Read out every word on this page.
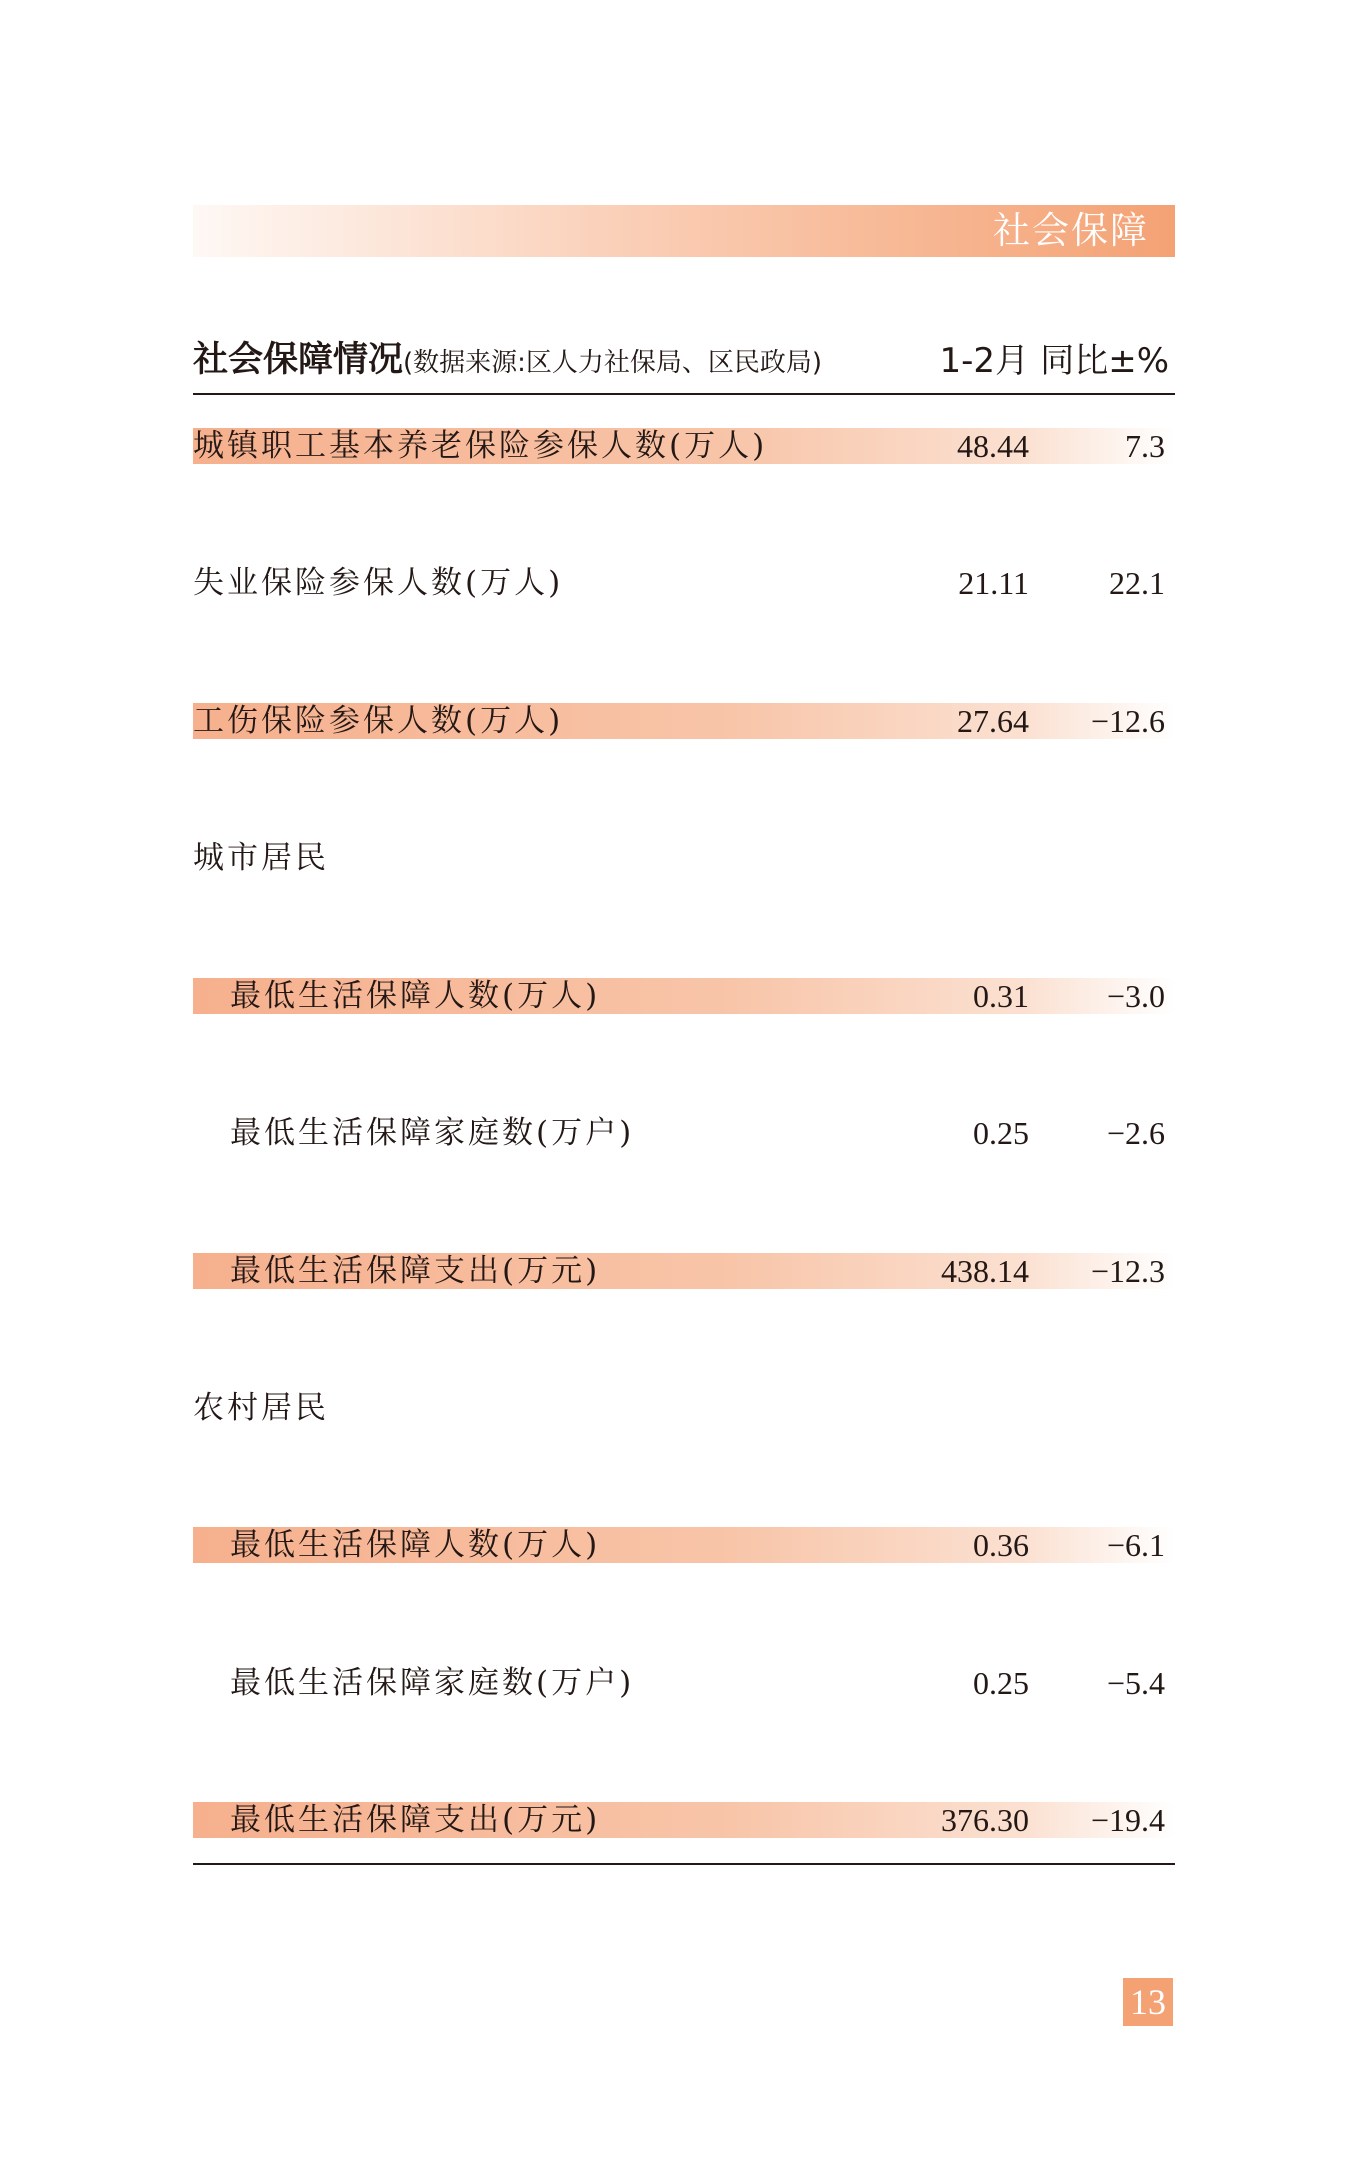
社会保障
社会保障情况(数据来源:区人力社保局、区民政局)	1-2月 同比±%
城镇职工基本养老保险参保人数(万人)	48.44	7.3
失业保险参保人数(万人)	21.11	22.1
工伤保险参保人数(万人)	27.64	−12.6
城市居民
最低生活保障人数(万人)	0.31	−3.0
最低生活保障家庭数(万户)	0.25	−2.6
最低生活保障支出(万元)	438.14	−12.3
农村居民
最低生活保障人数(万人)	0.36	−6.1
最低生活保障家庭数(万户)	0.25	−5.4
最低生活保障支出(万元)	376.30	−19.4
13
